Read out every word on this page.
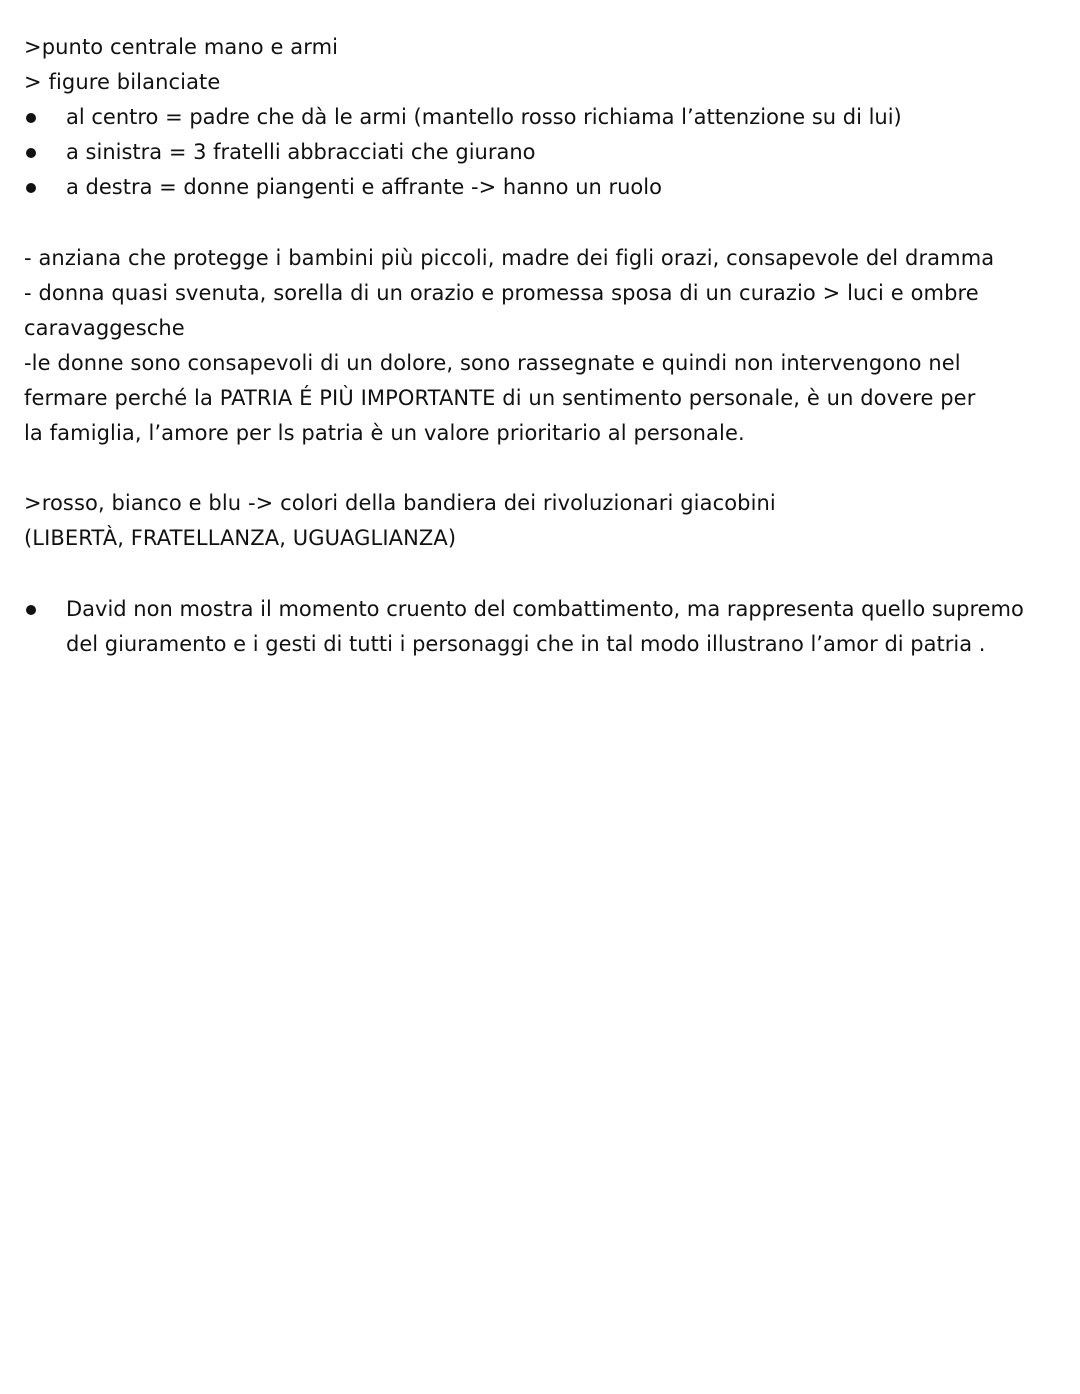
>punto centrale mano e armi
> figure bilanciate
al centro = padre che dà le armi (mantello rosso richiama l’attenzione su di lui)
a sinistra = 3 fratelli abbracciati che giurano
a destra = donne piangenti e affrante -> hanno un ruolo
- anziana che protegge i bambini più piccoli, madre dei figli orazi, consapevole del dramma
- donna quasi svenuta, sorella di un orazio e promessa sposa di un curazio > luci e ombre
caravaggesche
-le donne sono consapevoli di un dolore, sono rassegnate e quindi non intervengono nel
fermare perché la PATRIA É PIÙ IMPORTANTE di un sentimento personale, è un dovere per
la famiglia, l’amore per ls patria è un valore prioritario al personale.
>rosso, bianco e blu -> colori della bandiera dei rivoluzionari giacobini
(LIBERTÀ, FRATELLANZA, UGUAGLIANZA)
David non mostra il momento cruento del combattimento, ma rappresenta quello supremo
del giuramento e i gesti di tutti i personaggi che in tal modo illustrano l’amor di patria .
